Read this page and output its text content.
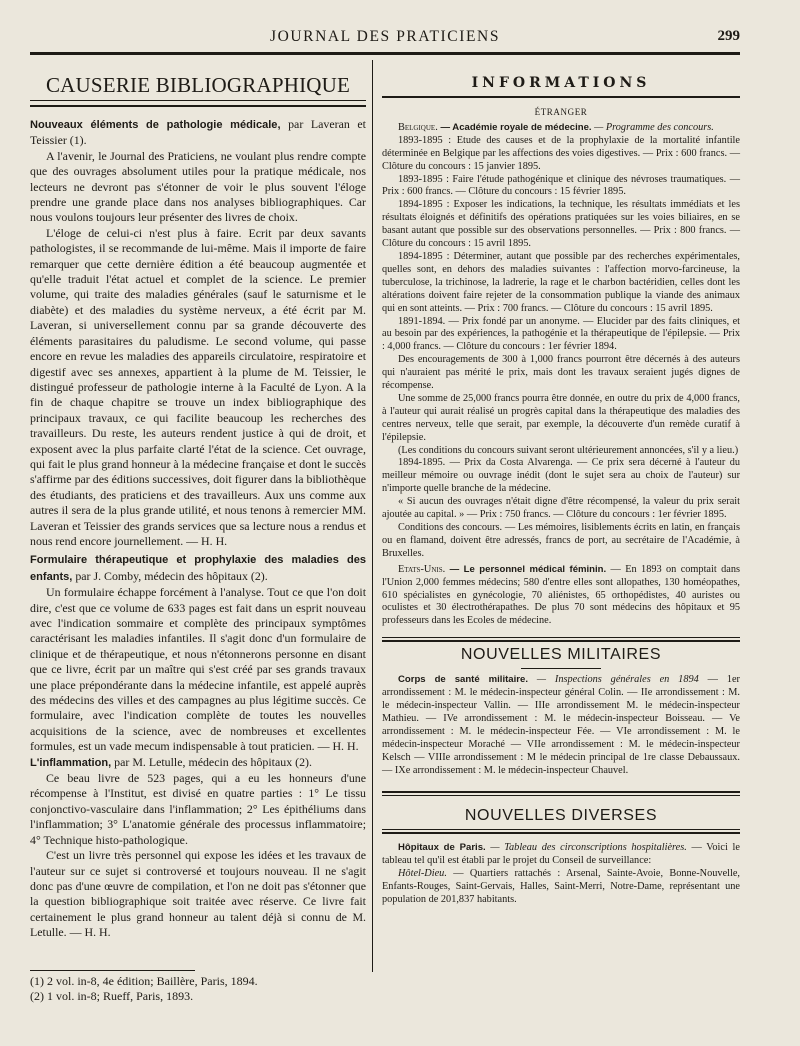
JOURNAL DES PRATICIENS	299
CAUSERIE BIBLIOGRAPHIQUE

Nouveaux éléments de pathologie médicale, par Laveran et Teissier (1).

A l'avenir, le Journal des Praticiens, ne voulant plus rendre compte que des ouvrages absolument utiles pour la pratique médicale, nos lecteurs ne devront pas s'étonner de voir le plus souvent l'éloge prendre une grande place dans nos analyses bibliographiques. Car nous voulons toujours leur présenter des livres de choix.

L'éloge de celui-ci n'est plus à faire. Ecrit par deux savants pathologistes, il se recommande de lui-même. Mais il importe de faire remarquer que cette dernière édition a été beaucoup augmentée et qu'elle traduit l'état actuel et complet de la science. Le premier volume, qui traite des maladies générales (sauf le saturnisme et le diabète) et des maladies du système nerveux, a été écrit par M. Laveran, si universellement connu par sa grande découverte des éléments parasitaires du paludisme. Le second volume, qui passe encore en revue les maladies des appareils circulatoire, respiratoire et digestif avec ses annexes, appartient à la plume de M. Teissier, le distingué professeur de pathologie interne à la Faculté de Lyon. A la fin de chaque chapitre se trouve un index bibliographique des principaux travaux, ce qui facilite beaucoup les recherches des travailleurs. Du reste, les auteurs rendent justice à qui de droit, et exposent avec la plus parfaite clarté l'état de la science. Cet ouvrage, qui fait le plus grand honneur à la médecine française et dont le succès s'affirme par des éditions successives, doit figurer dans la bibliothèque des étudiants, des praticiens et des travailleurs. Aux uns comme aux autres il sera de la plus grande utilité, et nous tenons à remercier MM. Laveran et Teissier des grands services que sa lecture nous a rendus et nous rend encore journellement. — H. H.

Formulaire thérapeutique et prophylaxie des maladies des enfants, par J. Comby, médecin des hôpitaux (2).

Un formulaire échappe forcément à l'analyse. Tout ce que l'on doit dire, c'est que ce volume de 633 pages est fait dans un esprit nouveau avec l'indication sommaire et complète des principaux symptômes caractérisant les maladies infantiles. Il s'agit donc d'un formulaire de clinique et de thérapeutique, et nous n'étonnerons personne en disant que ce livre, écrit par un maître qui s'est créé par ses grands travaux une place prépondérante dans la médecine infantile, est appelé auprès des médecins des villes et des campagnes au plus légitime succès. Ce formulaire, avec l'indication complète de toutes les nouvelles acquisitions de la science, avec de nombreuses et excellentes formules, est un vade mecum indispensable à tout praticien. — H. H.

L'inflammation, par M. Letulle, médecin des hôpitaux (2).

Ce beau livre de 523 pages, qui a eu les honneurs d'une récompense à l'Institut, est divisé en quatre parties : 1° Le tissu conjonctivo-vasculaire dans l'inflammation; 2° Les épithéliums dans l'inflammation; 3° L'anatomie générale des processus inflammatoire; 4° Technique histo-pathologique.

C'est un livre très personnel qui expose les idées et les travaux de l'auteur sur ce sujet si controversé et toujours nouveau. Il ne s'agit donc pas d'une œuvre de compilation, et l'on ne doit pas s'étonner que la question bibliographique soit traitée avec réserve. Ce livre fait certainement le plus grand honneur au talent déjà si connu de M. Letulle. — H. H.

(1) 2 vol. in-8, 4e édition; Baillère, Paris, 1894.
(2) 1 vol. in-8; Rueff, Paris, 1893.
INFORMATIONS
ÉTRANGER

Belgique. — Académie royale de médecine. — Programme des concours.

1893-1895 : Etude des causes et de la prophylaxie de la mortalité infantile déterminée en Belgique par les affections des voies digestives. — Prix : 600 francs. — Clôture du concours : 15 janvier 1895.

1893-1895 : Faire l'étude pathogénique et clinique des névroses traumatiques. — Prix : 600 francs. — Clôture du concours : 15 février 1895.

1894-1895 : Exposer les indications, la technique, les résultats immédiats et les résultats éloignés et définitifs des opérations pratiquées sur les voies biliaires, en se basant autant que possible sur des observations personnelles. — Prix : 800 francs. — Clôture du concours : 15 avril 1895.

1894-1895 : Déterminer, autant que possible par des recherches expérimentales, quelles sont, en dehors des maladies suivantes : l'affection morvo-farcineuse, la tuberculose, la trichinose, la ladrerie, la rage et le charbon bactéridien, celles dont les altérations doivent faire rejeter de la consommation publique la viande des animaux qui en sont atteints. — Prix : 700 francs. — Clôture du concours : 15 avril 1895.

1891-1894. — Prix fondé par un anonyme. — Elucider par des faits cliniques, et au besoin par des expériences, la pathogénie et la thérapeutique de l'épilepsie. — Prix : 4,000 francs. — Clôture du concours : 1er février 1894.

Des encouragements de 300 à 1,000 francs pourront être décernés à des auteurs qui n'auraient pas mérité le prix, mais dont les travaux seraient jugés dignes de récompense.

Une somme de 25,000 francs pourra être donnée, en outre du prix de 4,000 francs, à l'auteur qui aurait réalisé un progrès capital dans la thérapeutique des maladies des centres nerveux, telle que serait, par exemple, la découverte d'un remède curatif à l'épilepsie.

(Les conditions du concours suivant seront ultérieurement annoncées, s'il y a lieu.)

1894-1895. — Prix da Costa Alvarenga. — Ce prix sera décerné à l'auteur du meilleur mémoire ou ouvrage inédit (dont le sujet sera au choix de l'auteur) sur n'importe quelle branche de la médecine.

« Si aucun des ouvrages n'était digne d'être récompensé, la valeur du prix serait ajoutée au capital. » — Prix : 750 francs. — Clôture du concours : 1er février 1895.

Conditions des concours. — Les mémoires, lisiblements écrits en latin, en français ou en flamand, doivent être adressés, francs de port, au secrétaire de l'Académie, à Bruxelles.

Etats-Unis. — Le personnel médical féminin. — En 1893 on comptait dans l'Union 2,000 femmes médecins; 580 d'entre elles sont allopathes, 130 homéopathes, 610 spécialistes en gynécologie, 70 aliénistes, 65 orthopédistes, 40 auristes ou oculistes et 30 électrothérapathes. De plus 70 sont médecins des hôpitaux et 95 professeurs dans les Ecoles de médecine.

NOUVELLES MILITAIRES

Corps de santé militaire. — Inspections générales en 1894 — 1er arrondissement : M. le médecin-inspecteur général Colin. — IIe arrondissement : M. le médecin-inspecteur Vallin. — IIIe arrondissement M. le médecin-inspecteur Mathieu. — IVe arrondissement : M. le médecin-inspecteur Boisseau. — Ve arrondissement : M. le médecin-inspecteur Fée. — VIe arrondissement : M. le médecin-inspecteur Moraché — VIIe arrondissement : M. le médecin-inspecteur Kelsch — VIIIe arrondissement : M le médecin principal de 1re classe Debaussaux. — IXe arrondissement : M. le médecin-inspecteur Chauvel.

NOUVELLES DIVERSES

Hôpitaux de Paris. — Tableau des circonscriptions hospitalières. — Voici le tableau tel qu'il est établi par le projet du Conseil de surveillance:

Hôtel-Dieu. — Quartiers rattachés : Arsenal, Sainte-Avoie, Bonne-Nouvelle, Enfants-Rouges, Saint-Gervais, Halles, Saint-Merri, Notre-Dame, représentant une population de 201,837 habitants.
